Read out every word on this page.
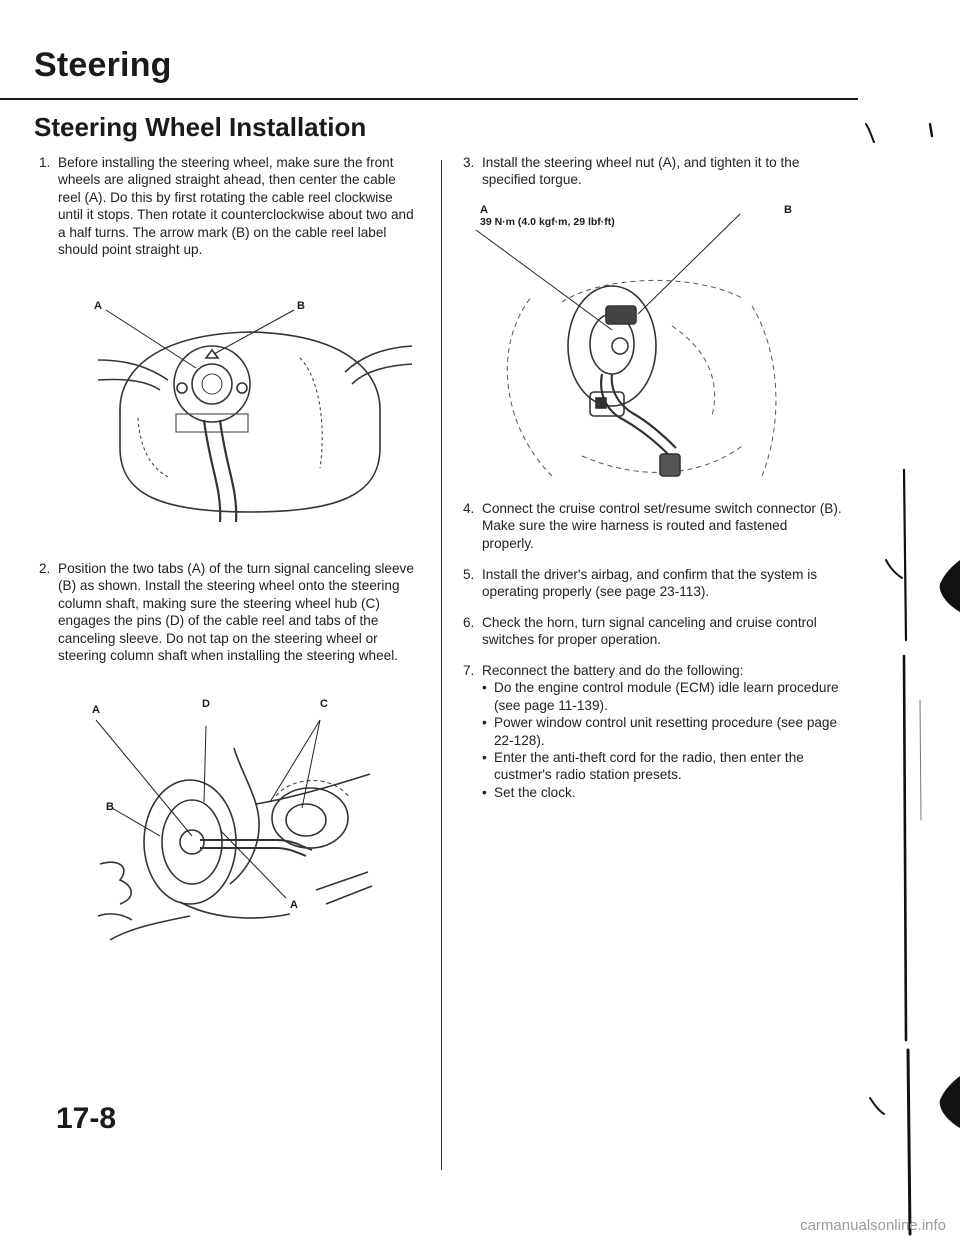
Steering
Steering Wheel Installation
1. Before installing the steering wheel, make sure the front wheels are aligned straight ahead, then center the cable reel (A). Do this by first rotating the cable reel clockwise until it stops. Then rotate it counterclockwise about two and a half turns. The arrow mark (B) on the cable reel label should point straight up.
A	B
2. Position the two tabs (A) of the turn signal canceling sleeve (B) as shown. Install the steering wheel onto the steering column shaft, making sure the steering wheel hub (C) engages the pins (D) of the cable reel and tabs of the canceling sleeve. Do not tap on the steering wheel or steering column shaft when installing the steering wheel.
A	D	C
B
A
17-8
3. Install the steering wheel nut (A), and tighten it to the specified torgue.
A	B
39 N·m (4.0 kgf·m, 29 lbf·ft)
4. Connect the cruise control set/resume switch connector (B). Make sure the wire harness is routed and fastened properly.
5. Install the driver's airbag, and confirm that the system is operating properly (see page 23-113).
6. Check the horn, turn signal canceling and cruise control switches for proper operation.
7. Reconnect the battery and do the following:
• Do the engine control module (ECM) idle learn procedure (see page 11-139).
• Power window control unit resetting procedure (see page 22-128).
• Enter the anti-theft cord for the radio, then enter the custmer's radio station presets.
• Set the clock.
carmanualsonline.info
